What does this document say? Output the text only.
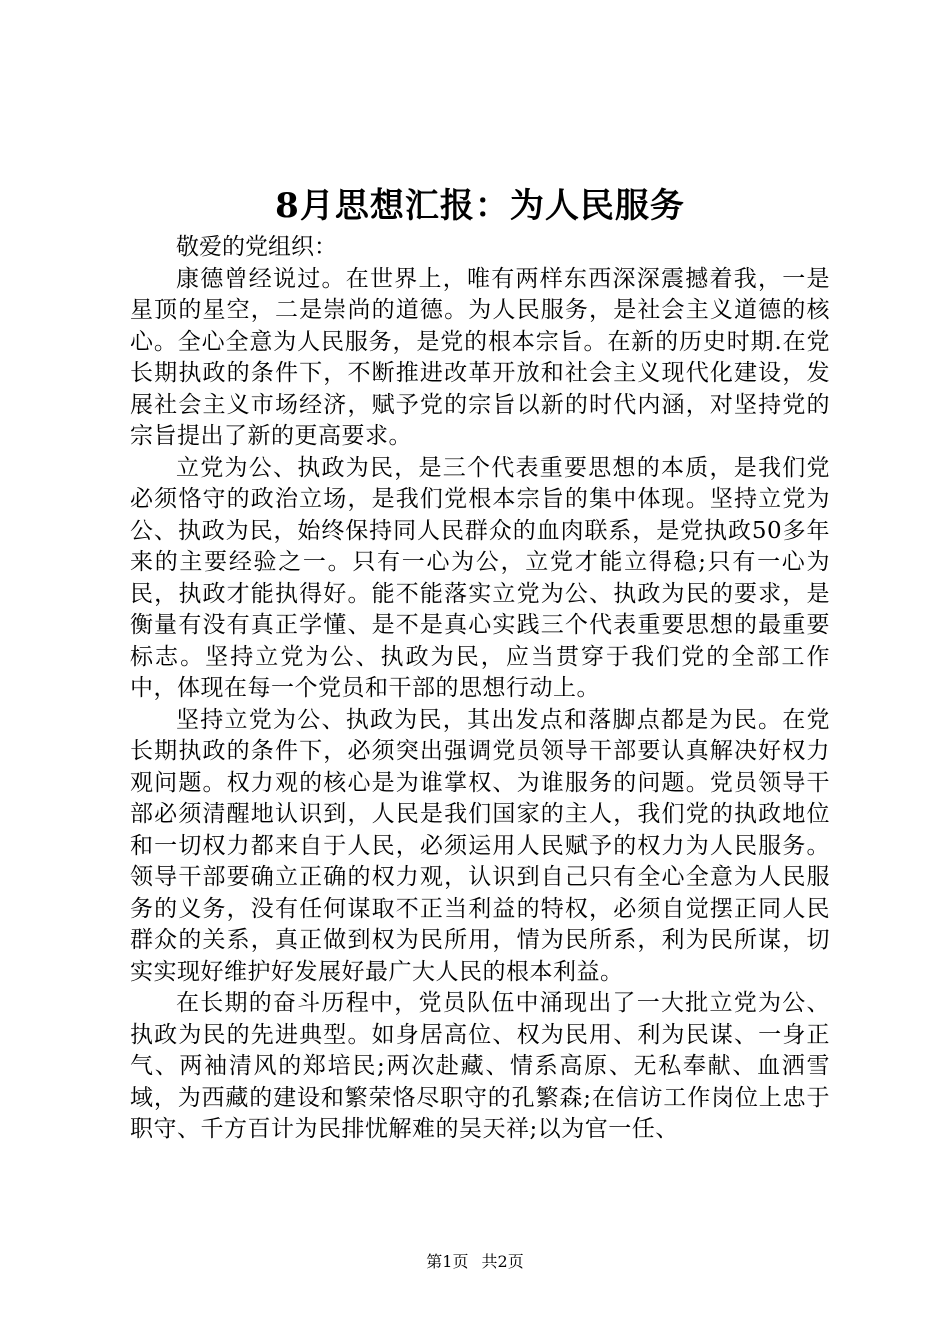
8月思想汇报：为人民服务

敬爱的党组织：

康德曾经说过。在世界上，唯有两样东西深深震撼着我，一是星顶的星空，二是崇尚的道德。为人民服务，是社会主义道德的核心。全心全意为人民服务，是党的根本宗旨。在新的历史时期.在党长期执政的条件下，不断推进改革开放和社会主义现代化建设，发展社会主义市场经济，赋予党的宗旨以新的时代内涵，对坚持党的宗旨提出了新的更高要求。

立党为公、执政为民，是三个代表重要思想的本质，是我们党必须恪守的政治立场，是我们党根本宗旨的集中体现。坚持立党为公、执政为民，始终保持同人民群众的血肉联系，是党执政50多年来的主要经验之一。只有一心为公，立党才能立得稳;只有一心为民，执政才能执得好。能不能落实立党为公、执政为民的要求，是衡量有没有真正学懂、是不是真心实践三个代表重要思想的最重要标志。坚持立党为公、执政为民，应当贯穿于我们党的全部工作中，体现在每一个党员和干部的思想行动上。

坚持立党为公、执政为民，其出发点和落脚点都是为民。在党长期执政的条件下，必须突出强调党员领导干部要认真解决好权力观问题。权力观的核心是为谁掌权、为谁服务的问题。党员领导干部必须清醒地认识到，人民是我们国家的主人，我们党的执政地位和一切权力都来自于人民，必须运用人民赋予的权力为人民服务。领导干部要确立正确的权力观，认识到自己只有全心全意为人民服务的义务，没有任何谋取不正当利益的特权，必须自觉摆正同人民群众的关系，真正做到权为民所用，情为民所系，利为民所谋，切实实现好维护好发展好最广大人民的根本利益。

在长期的奋斗历程中，党员队伍中涌现出了一大批立党为公、执政为民的先进典型。如身居高位、权为民用、利为民谋、一身正气、两袖清风的郑培民;两次赴藏、情系高原、无私奉献、血洒雪域，为西藏的建设和繁荣恪尽职守的孔繁森;在信访工作岗位上忠于职守、千方百计为民排忧解难的吴天祥;以为官一任、

第1页 共2页
